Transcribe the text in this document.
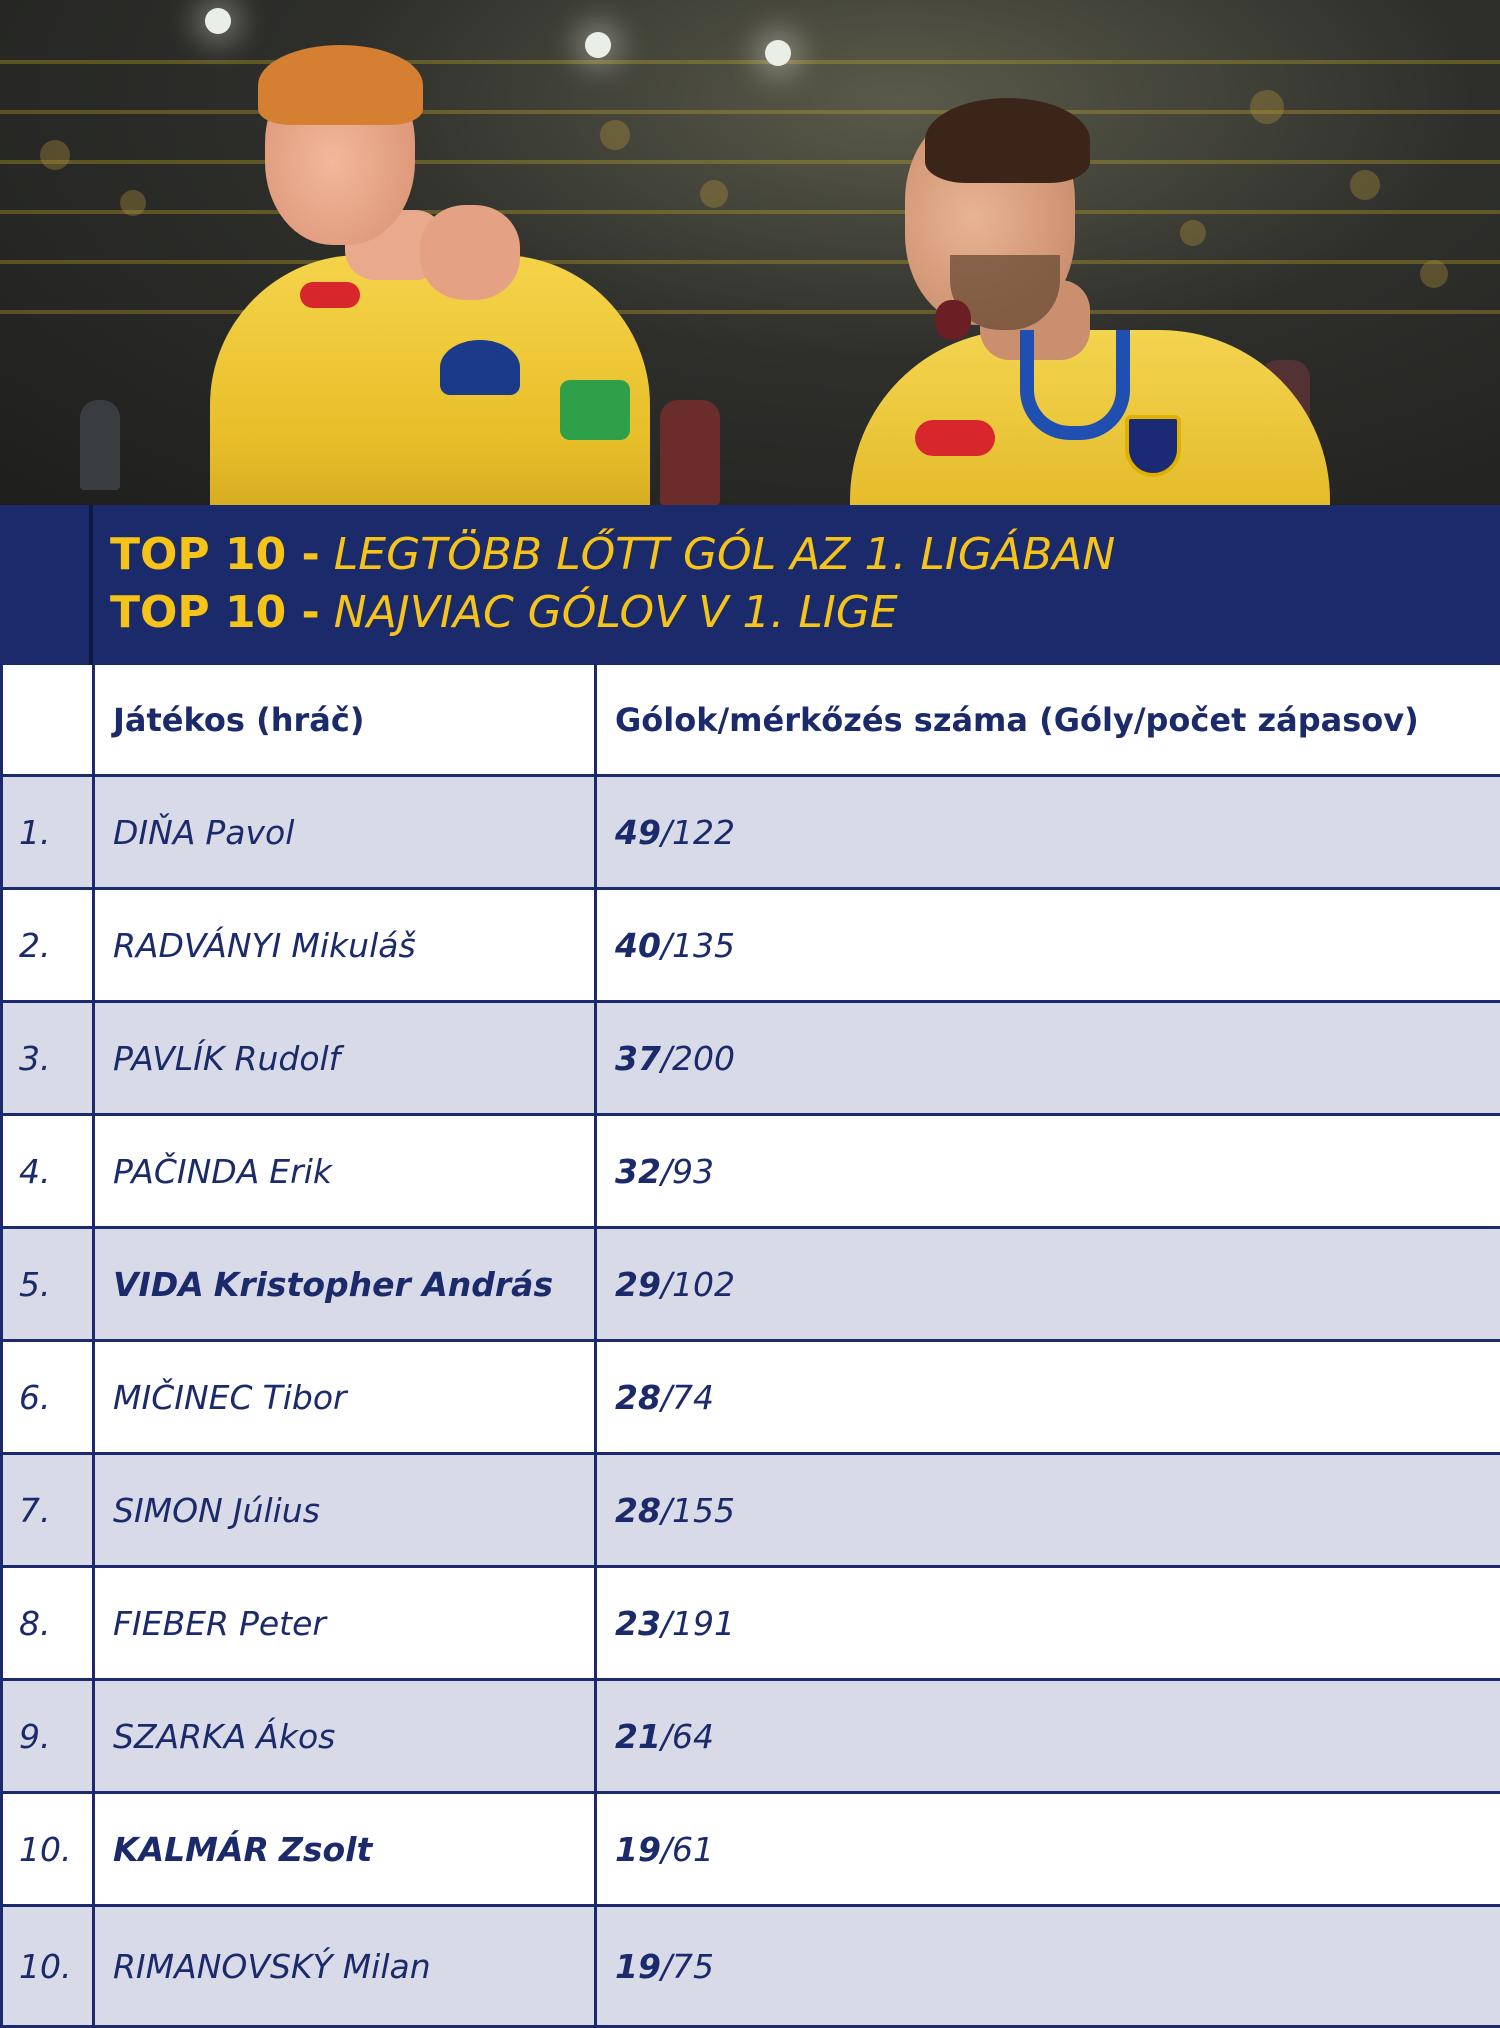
TOP 10 - LEGTÖBB LŐTT GÓL AZ 1. LIGÁBAN
TOP 10 - NAJVIAC GÓLOV V 1. LIGE
Játékos (hráč)	Gólok/mérkőzés száma (Góly/počet zápasov)
1.	DIŇA Pavol	49 /122
2.	RADVÁNYI Mikuláš	40 /135
3.	PAVLÍK Rudolf	37 /200
4.	PAČINDA Erik	32 /93
5.	VIDA Kristopher András 29 /102
6.	MIČINEC Tibor	28 /74
7.	SIMON Július	28 /155
8.	FIEBER Peter	23 /191
9.	SZARKA Ákos	21 /64
10.	KALMÁR Zsolt	19 /61
10.	RIMANOVSKÝ Milan	19 /75
